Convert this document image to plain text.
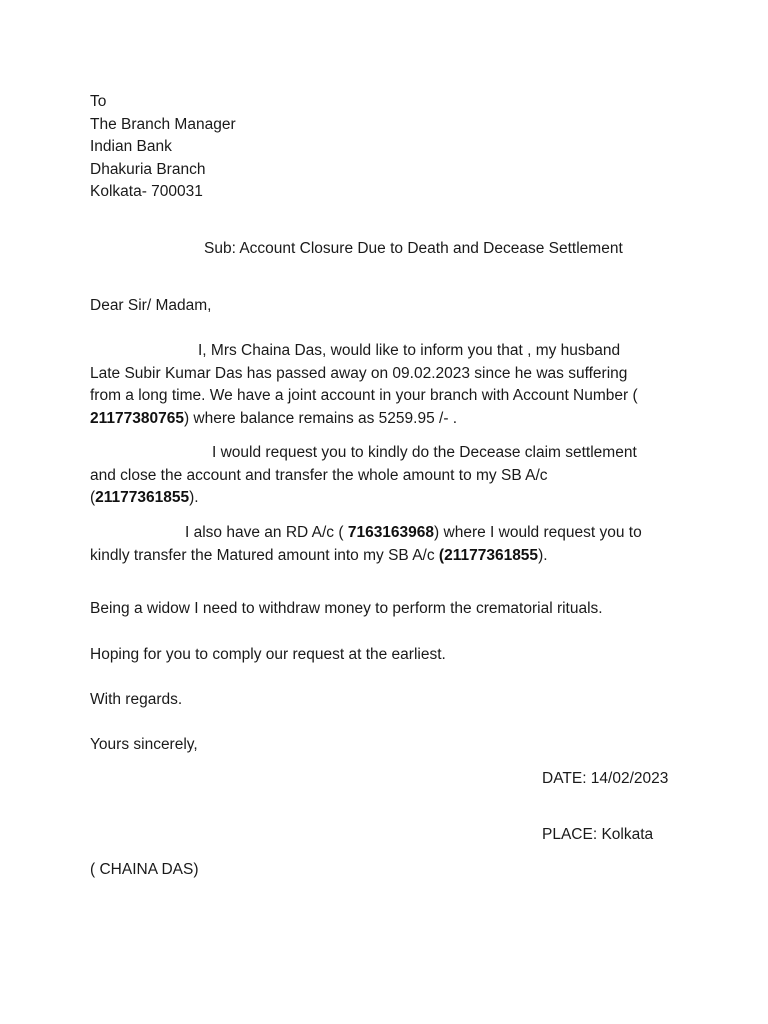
To
The Branch Manager
Indian Bank
Dhakuria Branch
Kolkata- 700031
Sub: Account Closure Due to Death and Decease Settlement
Dear Sir/ Madam,
I, Mrs Chaina Das, would like to inform you that , my husband
Late Subir Kumar Das has passed away on 09.02.2023 since he was suffering
from a long time. We have a joint account in your branch with Account Number (
21177380765) where balance remains as 5259.95 /- .
I would request you to kindly do the Decease claim settlement
and close the account and transfer the whole amount to my SB A/c
(21177361855).
I also have an RD A/c ( 7163163968) where I would request you to
kindly transfer the Matured amount into my SB A/c (21177361855).
Being a widow I need to withdraw money to perform the crematorial rituals.
Hoping for you to comply our request at the earliest.
With regards.
Yours sincerely,
DATE: 14/02/2023
PLACE: Kolkata
( CHAINA DAS)
